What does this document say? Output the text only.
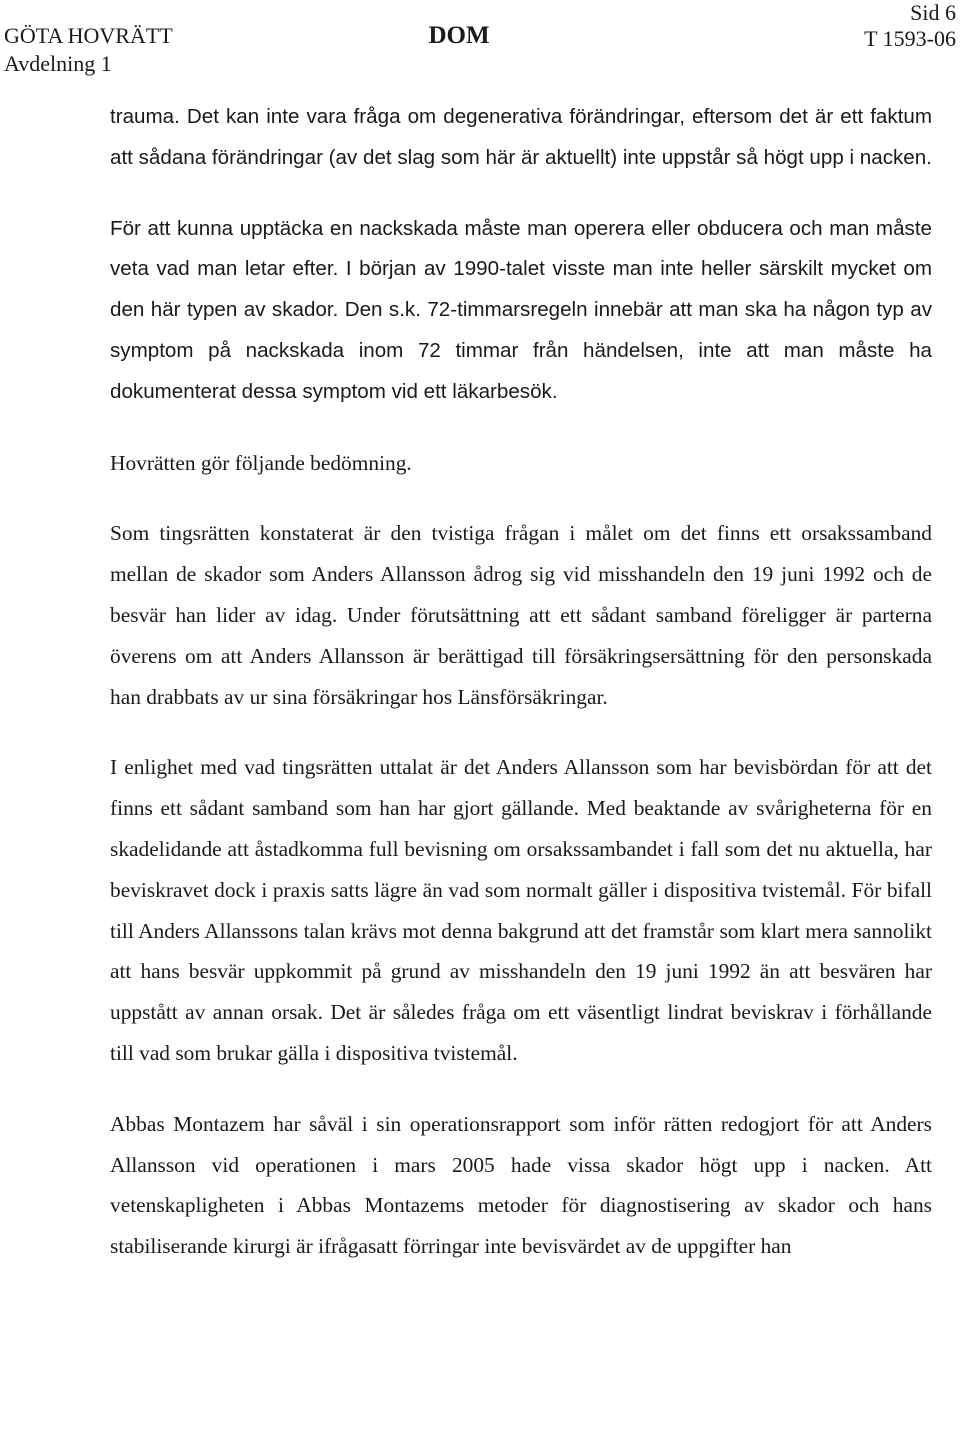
GÖTA HOVRÄTT
Avdelning 1
DOM
Sid 6
T 1593-06

trauma. Det kan inte vara fråga om degenerativa förändringar, eftersom det är ett faktum att sådana förändringar (av det slag som här är aktuellt) inte uppstår så högt upp i nacken.

För att kunna upptäcka en nackskada måste man operera eller obducera och man måste veta vad man letar efter. I början av 1990-talet visste man inte heller särskilt mycket om den här typen av skador. Den s.k. 72-timmarsregeln innebär att man ska ha någon typ av symptom på nackskada inom 72 timmar från händelsen, inte att man måste ha dokumenterat dessa symptom vid ett läkarbesök.

Hovrätten gör följande bedömning.

Som tingsrätten konstaterat är den tvistiga frågan i målet om det finns ett orsakssamband mellan de skador som Anders Allansson ådrog sig vid misshandeln den 19 juni 1992 och de besvär han lider av idag. Under förutsättning att ett sådant samband föreligger är parterna överens om att Anders Allansson är berättigad till försäkringsersättning för den personskada han drabbats av ur sina försäkringar hos Länsförsäkringar.

I enlighet med vad tingsrätten uttalat är det Anders Allansson som har bevisbördan för att det finns ett sådant samband som han har gjort gällande. Med beaktande av svårigheterna för en skadelidande att åstadkomma full bevisning om orsakssambandet i fall som det nu aktuella, har beviskravet dock i praxis satts lägre än vad som normalt gäller i dispositiva tvistemål. För bifall till Anders Allanssons talan krävs mot denna bakgrund att det framstår som klart mera sannolikt att hans besvär uppkommit på grund av misshandeln den 19 juni 1992 än att besvären har uppstått av annan orsak. Det är således fråga om ett väsentligt lindrat beviskrav i förhållande till vad som brukar gälla i dispositiva tvistemål.

Abbas Montazem har såväl i sin operationsrapport som inför rätten redogjort för att Anders Allansson vid operationen i mars 2005 hade vissa skador högt upp i nacken. Att vetenskapligheten i Abbas Montazems metoder för diagnostisering av skador och hans stabiliserande kirurgi är ifrågasatt förringar inte bevisvärdet av de uppgifter han
